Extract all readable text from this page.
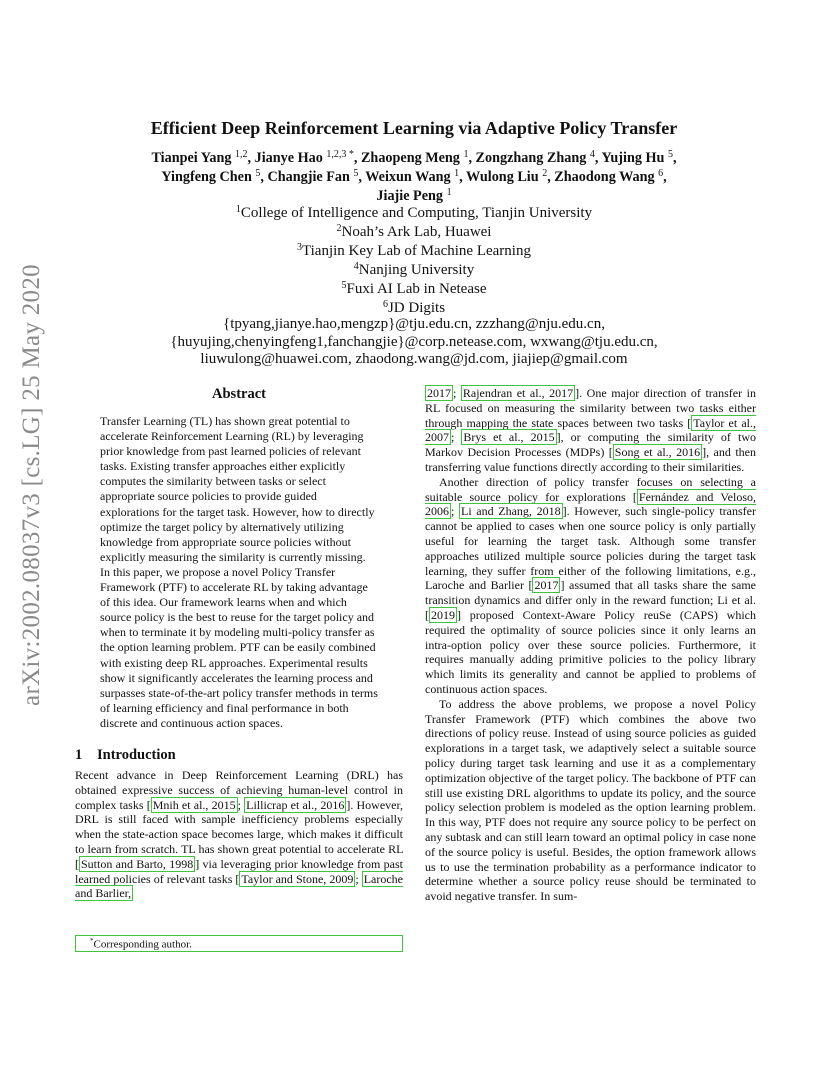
arXiv:2002.08037v3 [cs.LG] 25 May 2020
Efficient Deep Reinforcement Learning via Adaptive Policy Transfer
Tianpei Yang $^{1,2}$, Jianye Hao $^{1,2,3 *}$, Zhaopeng Meng $^1$, Zongzhang Zhang $^4$, Yujing Hu $^5$,
Yingfeng Chen $^5$, Changjie Fan $^5$, Weixun Wang $^1$, Wulong Liu $^2$, Zhaodong Wang $^6$,
Jiajie Peng $^1$
$^1$College of Intelligence and Computing, Tianjin University
$^2$Noah’s Ark Lab, Huawei
$^3$Tianjin Key Lab of Machine Learning
$^4$Nanjing University
$^5$Fuxi AI Lab in Netease
$^6$JD Digits
{tpyang,jianye.hao,mengzp}@tju.edu.cn, zzzhang@nju.edu.cn,
{huyujing,chenyingfeng1,fanchangjie}@corp.netease.com, wxwang@tju.edu.cn,
liuwulong@huawei.com, zhaodong.wang@jd.com, jiajiep@gmail.com
Abstract
Transfer Learning (TL) has shown great potential to accelerate Reinforcement Learning (RL) by leveraging prior knowledge from past learned policies of relevant tasks. Existing transfer approaches either explicitly computes the similarity between tasks or select appropriate source policies to provide guided explorations for the target task. However, how to directly optimize the target policy by alternatively utilizing knowledge from appropriate source policies without explicitly measuring the similarity is currently missing. In this paper, we propose a novel Policy Transfer Framework (PTF) to accelerate RL by taking advantage of this idea. Our framework learns when and which source policy is the best to reuse for the target policy and when to terminate it by modeling multi-policy transfer as the option learning problem. PTF can be easily combined with existing deep RL approaches. Experimental results show it significantly accelerates the learning process and surpasses state-of-the-art policy transfer methods in terms of learning efficiency and final performance in both discrete and continuous action spaces.
1 Introduction

Recent advance in Deep Reinforcement Learning (DRL) has obtained expressive success of achieving human-level control in complex tasks [ Mnih et al., 2015 ; Lillicrap et al., 2016 ]. However, DRL is still faced with sample inefficiency problems especially when the state-action space becomes large, which makes it difficult to learn from scratch. TL has shown great potential to accelerate RL [ Sutton and Barto, 1998 ] via leveraging prior knowledge from past learned policies of relevant tasks [ Taylor and Stone, 2009 ; Laroche and Barlier,

*Corresponding author.

2017 ; Rajendran et al., 2017 ]. One major direction of transfer in RL focused on measuring the similarity between two tasks either through mapping the state spaces between two tasks [ Taylor et al., 2007 ; Brys et al., 2015 ], or computing the similarity of two Markov Decision Processes (MDPs) [ Song et al., 2016 ], and then transferring value functions directly according to their similarities.

Another direction of policy transfer focuses on selecting a suitable source policy for explorations [ Fernández and Veloso, 2006 ; Li and Zhang, 2018 ]. However, such single-policy transfer cannot be applied to cases when one source policy is only partially useful for learning the target task. Although some transfer approaches utilized multiple source policies during the target task learning, they suffer from either of the following limitations, e.g., Laroche and Barlier [ 2017 ] assumed that all tasks share the same transition dynamics and differ only in the reward function; Li et al. [ 2019 ] proposed Context-Aware Policy reuSe (CAPS) which required the optimality of source policies since it only learns an intra-option policy over these source policies. Furthermore, it requires manually adding primitive policies to the policy library which limits its generality and cannot be applied to problems of continuous action spaces.

To address the above problems, we propose a novel Policy Transfer Framework (PTF) which combines the above two directions of policy reuse. Instead of using source policies as guided explorations in a target task, we adaptively select a suitable source policy during target task learning and use it as a complementary optimization objective of the target policy. The backbone of PTF can still use existing DRL algorithms to update its policy, and the source policy selection problem is modeled as the option learning problem. In this way, PTF does not require any source policy to be perfect on any subtask and can still learn toward an optimal policy in case none of the source policy is useful. Besides, the option framework allows us to use the termination probability as a performance indicator to determine whether a source policy reuse should be terminated to avoid negative transfer. In sum-
